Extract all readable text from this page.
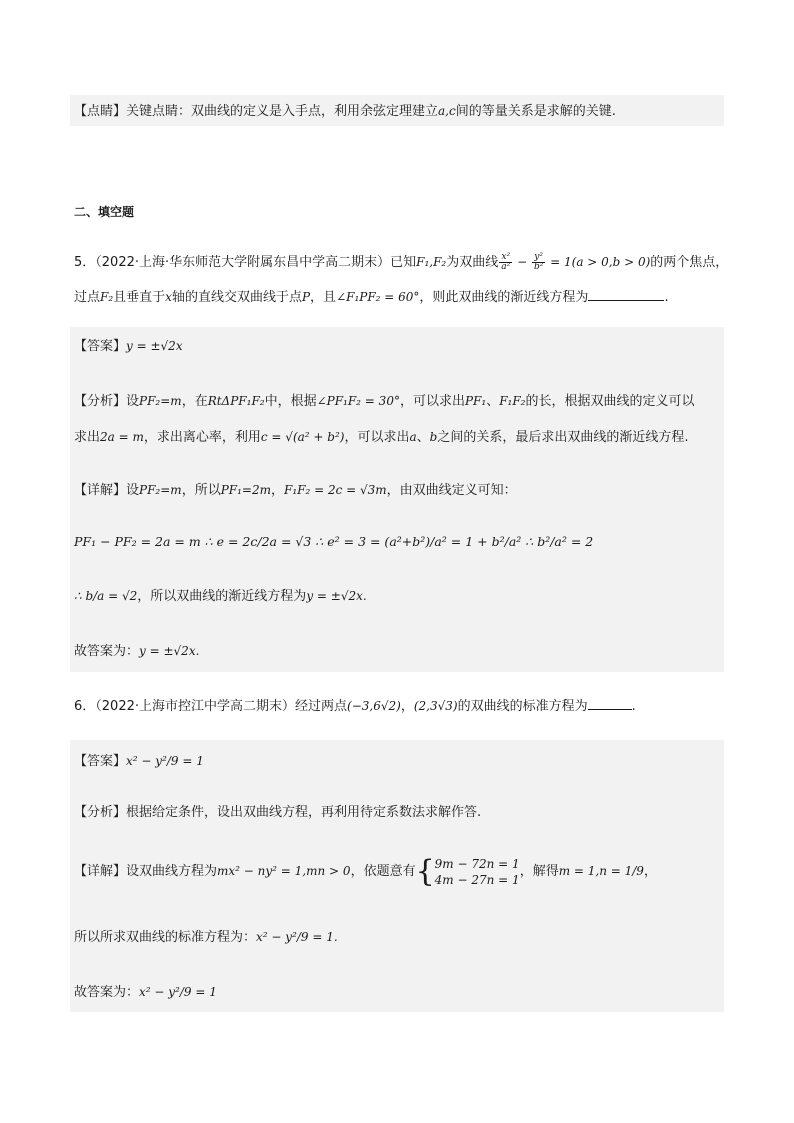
【点睛】关键点睛：双曲线的定义是入手点，利用余弦定理建立a,c间的等量关系是求解的关键.
二、填空题
5．（2022·上海·华东师范大学附属东昌中学高二期末）已知F₁,F₂为双曲线 $\frac{\text{x²}}{\text{a²}} - \frac{\text{y²}}{\text{b²}} = 1(a > 0,b > 0)$的两个焦点，
过点F₂且垂直于x轴的直线交双曲线于点P，且∠F₁PF₂ = 60°，则此双曲线的渐近线方程为	.
【答案】y = ±√2x
【分析】设PF₂=m，在RtΔPF₁F₂中，根据∠PF₁F₂ = 30°，可以求出PF₁、F₁F₂的长，根据双曲线的定义可以
求出2a = m，求出离心率，利用c = √(a² + b²)，可以求出a、b之间的关系，最后求出双曲线的渐近线方程.
【详解】设PF₂=m，所以PF₁=2m，F₁F₂ = 2c = √3m，由双曲线定义可知：
PF₁ − PF₂ = 2a = m ∴ e = 2c/2a = √3 ∴ e² = 3 = (a²+b²)/a² = 1 + b²/a² ∴ b²/a² = 2
∴ b/a = √2，所以双曲线的渐近线方程为y = ±√2x.
故答案为：y = ±√2x.
6．（2022·上海市控江中学高二期末）经过两点(−3,6√2)，(2,3√3)的双曲线的标准方程为	.
【答案】x² − y²/9 = 1
【分析】根据给定条件，设出双曲线方程，再利用待定系数法求解作答.
【详解】设双曲线方程为mx² − ny² = 1,mn > 0，依题意有{ 9m − 72n = 1
4m − 27n = 1
，解得m = 1,n = 1/9，
所以所求双曲线的标准方程为：x² − y²/9 = 1.
故答案为：x² − y²/9 = 1
